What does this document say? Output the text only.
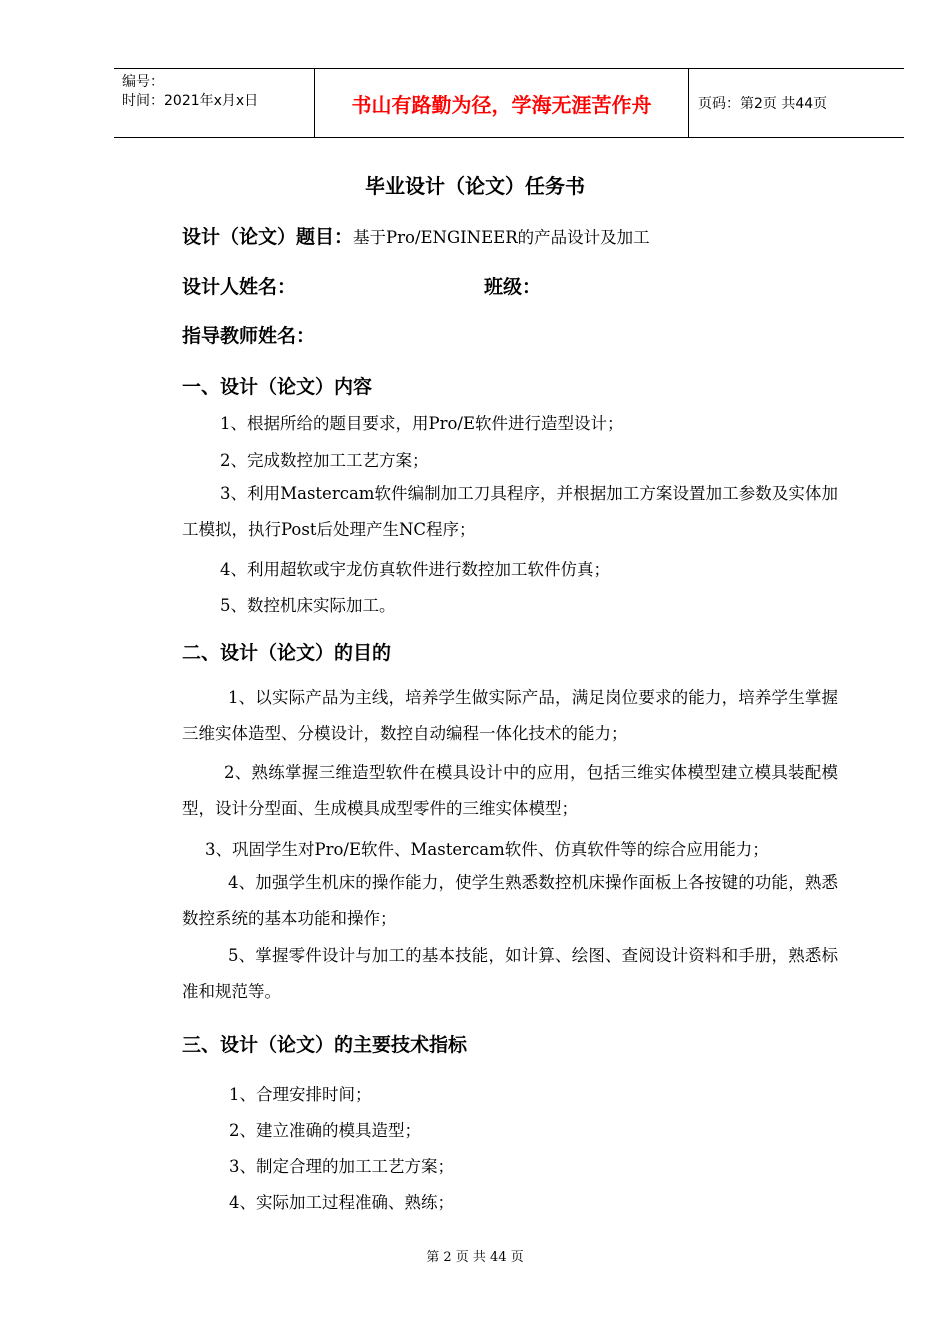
编号：
时间：2021年x月x日	书山有路勤为径，学海无涯苦作舟	页码：第2页 共44页
毕业设计（论文）任务书
设计（论文）题目：基于Pro/ENGINEER的产品设计及加工
设计人姓名：	班级：
指导教师姓名：
一、设计（论文）内容
1、根据所给的题目要求，用Pro/E软件进行造型设计；
2、完成数控加工工艺方案；
3、利用Mastercam软件编制加工刀具程序，并根据加工方案设置加工参数及实体加工模拟，执行Post后处理产生NC程序；
4、利用超软或宇龙仿真软件进行数控加工软件仿真；
5、数控机床实际加工。
二、设计（论文）的目的
1、以实际产品为主线，培养学生做实际产品，满足岗位要求的能力，培养学生掌握三维实体造型、分模设计，数控自动编程一体化技术的能力；
2、熟练掌握三维造型软件在模具设计中的应用，包括三维实体模型建立模具装配模型，设计分型面、生成模具成型零件的三维实体模型；
3、巩固学生对Pro/E软件、Mastercam软件、仿真软件等的综合应用能力；
4、加强学生机床的操作能力，使学生熟悉数控机床操作面板上各按键的功能，熟悉数控系统的基本功能和操作；
5、掌握零件设计与加工的基本技能，如计算、绘图、查阅设计资料和手册，熟悉标准和规范等。
三、设计（论文）的主要技术指标
1、合理安排时间；
2、建立准确的模具造型；
3、制定合理的加工工艺方案；
4、实际加工过程准确、熟练；
第 2 页 共 44 页
